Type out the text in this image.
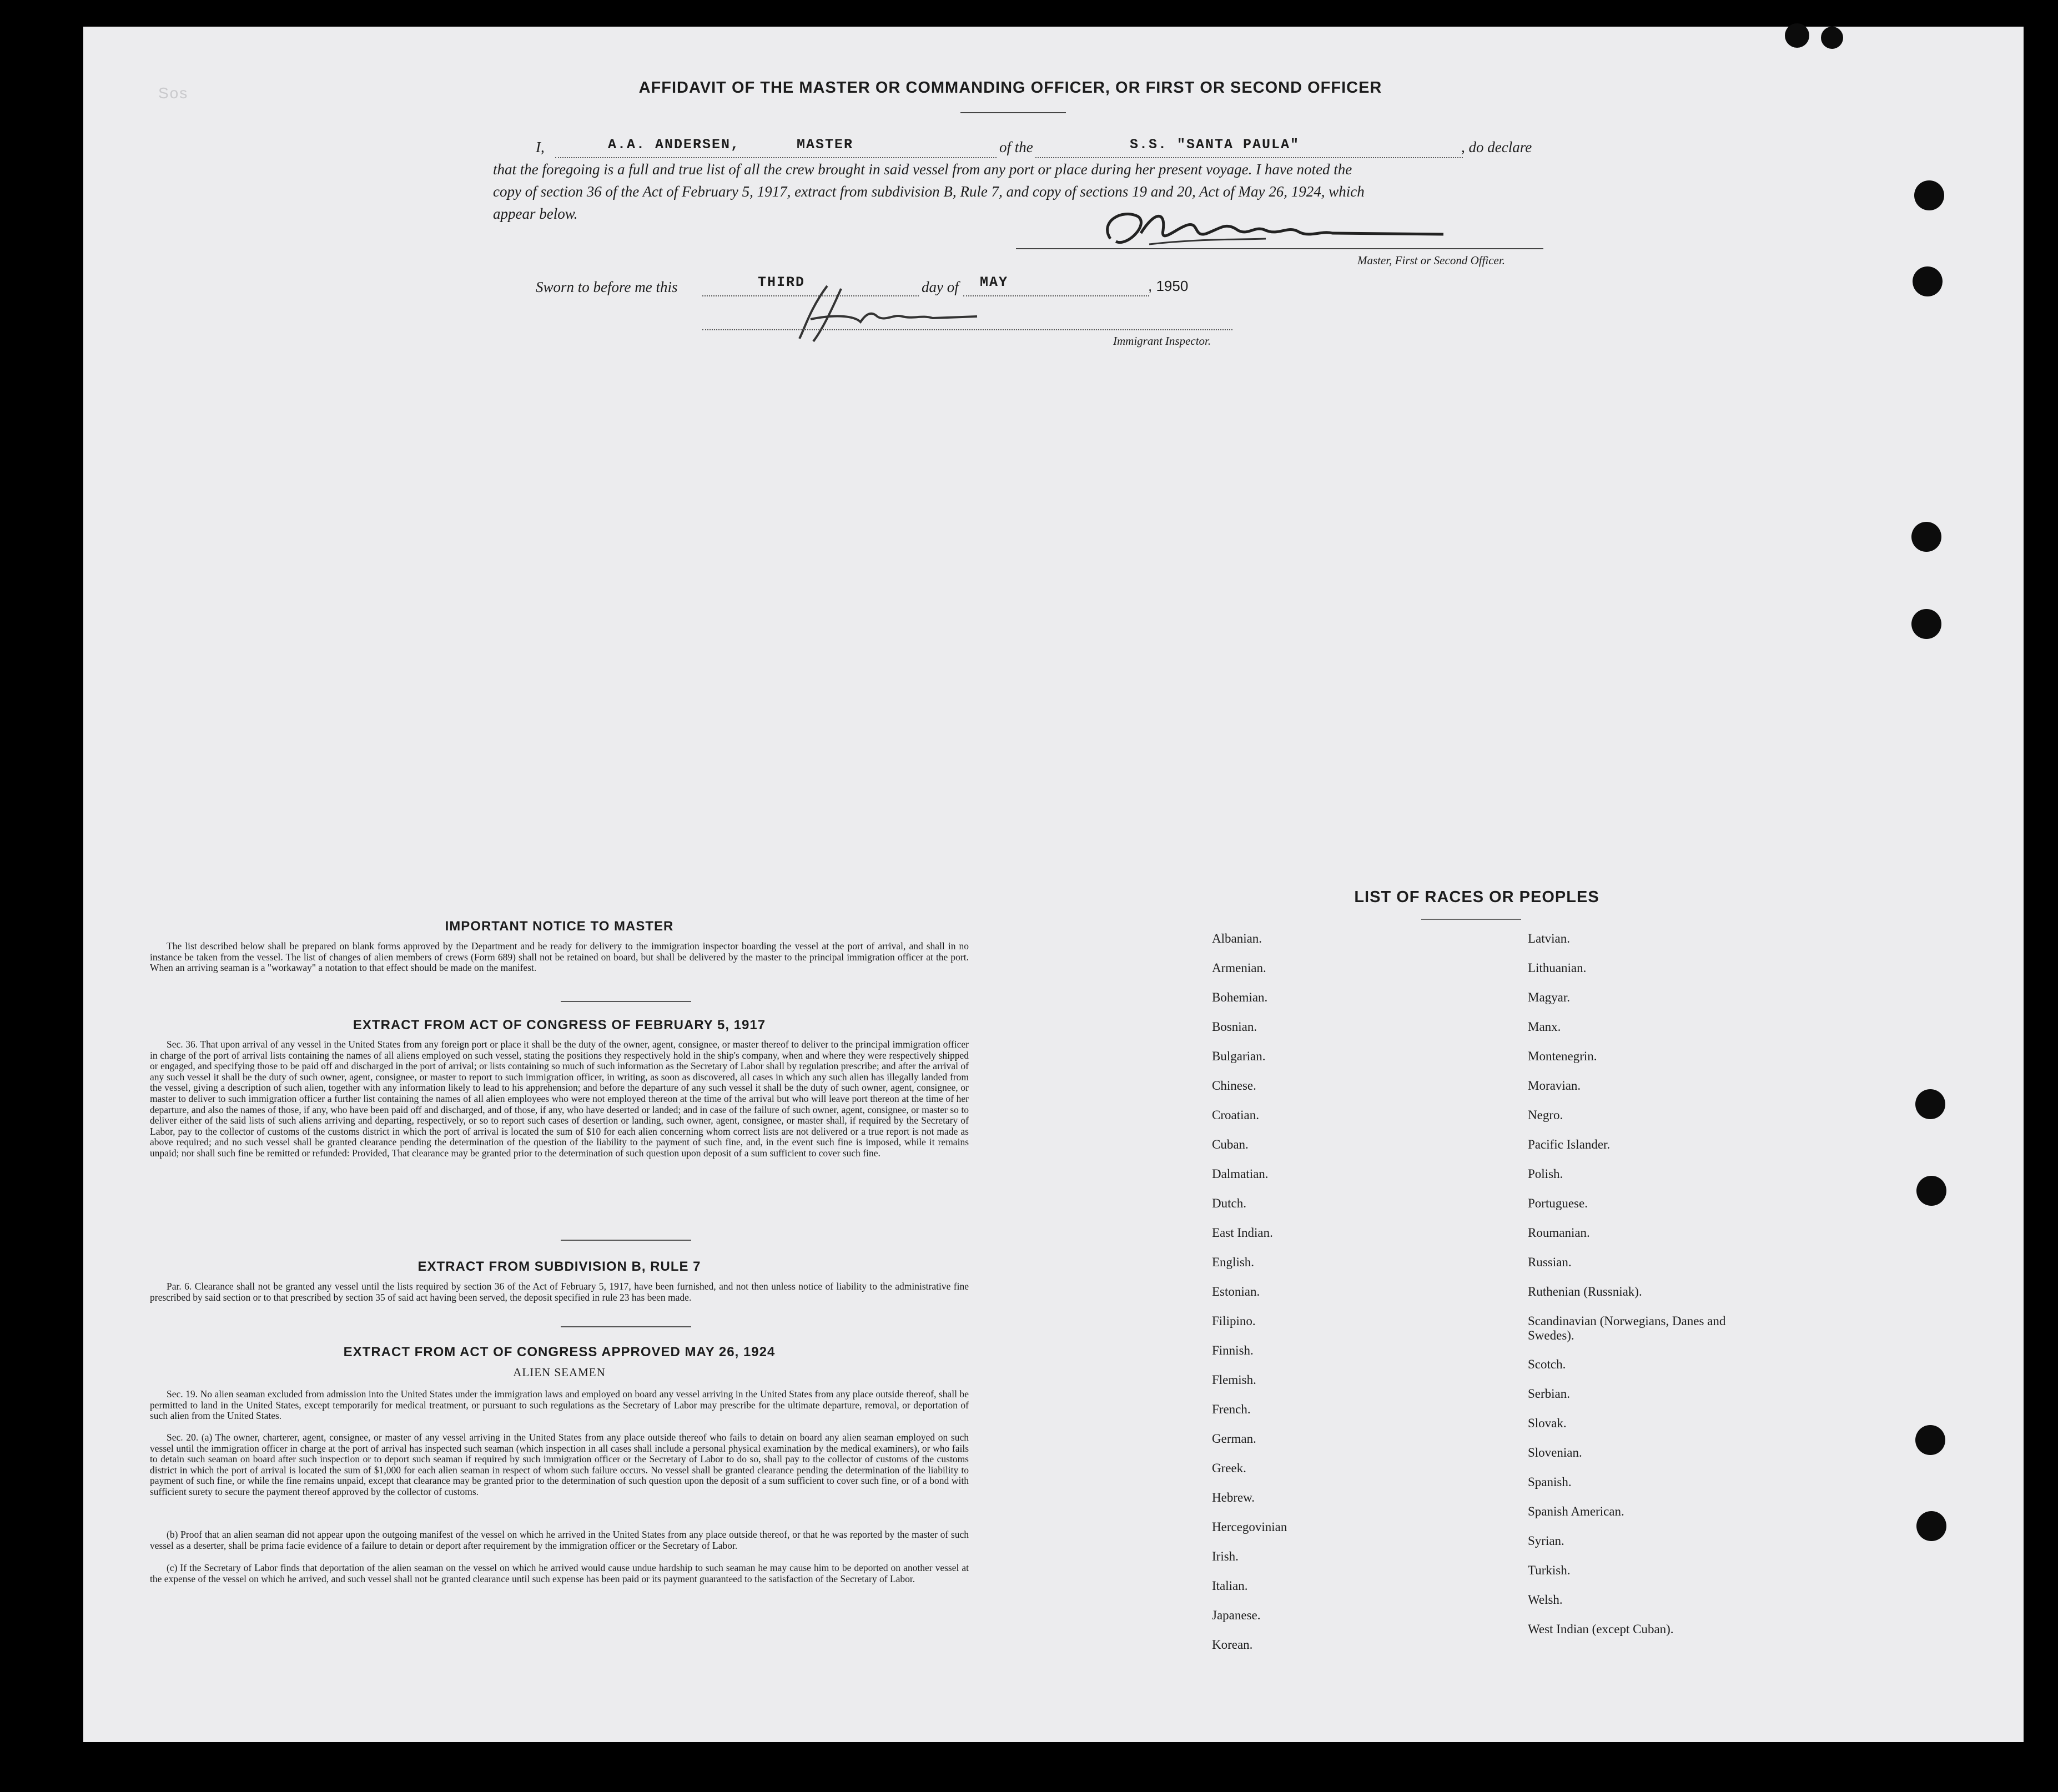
Sos	AFFIDAVIT OF THE MASTER OR COMMANDING OFFICER, OR FIRST OR SECOND OFFICER
I,	A.A. ANDERSEN,	MASTER	of the	S.S. "SANTA PAULA"	, do declare
that the foregoing is a full and true list of all the crew brought in said vessel from any port or place during her present voyage. I have noted the
copy of section 36 of the Act of February 5, 1917, extract from subdivision B, Rule 7, and copy of sections 19 and 20, Act of May 26, 1924, which
appear below.
Master, First or Second Officer.
Sworn to before me this	THIRD	day of MAY	, 1950
Immigrant Inspector.
IMPORTANT NOTICE TO MASTER
The list described below shall be prepared on blank forms approved by the Department and be ready for delivery to the immigration inspector boarding the vessel at the port of arrival, and shall in no instance be taken from the vessel. The list of changes of alien members of crews (Form 689) shall not be retained on board, but shall be delivered by the master to the principal immigration officer at the port. When an arriving seaman is a "workaway" a notation to that effect should be made on the manifest.
EXTRACT FROM ACT OF CONGRESS OF FEBRUARY 5, 1917
Sec. 36. That upon arrival of any vessel in the United States from any foreign port or place it shall be the duty of the owner, agent, consignee, or master thereof to deliver to the principal immigration officer in charge of the port of arrival lists containing the names of all aliens employed on such vessel, stating the positions they respectively hold in the ship's company, when and where they were respectively shipped or engaged, and specifying those to be paid off and discharged in the port of arrival; or lists containing so much of such information as the Secretary of Labor shall by regulation prescribe; and after the arrival of any such vessel it shall be the duty of such owner, agent, consignee, or master to report to such immigration officer, in writing, as soon as discovered, all cases in which any such alien has illegally landed from the vessel, giving a description of such alien, together with any information likely to lead to his apprehension; and before the departure of any such vessel it shall be the duty of such owner, agent, consignee, or master to deliver to such immigration officer a further list containing the names of all alien employees who were not employed thereon at the time of the arrival but who will leave port thereon at the time of her departure, and also the names of those, if any, who have been paid off and discharged, and of those, if any, who have deserted or landed; and in case of the failure of such owner, agent, consignee, or master so to deliver either of the said lists of such aliens arriving and departing, respectively, or so to report such cases of desertion or landing, such owner, agent, consignee, or master shall, if required by the Secretary of Labor, pay to the collector of customs of the customs district in which the port of arrival is located the sum of $10 for each alien concerning whom correct lists are not delivered or a true report is not made as above required; and no such vessel shall be granted clearance pending the determination of the question of the liability to the payment of such fine, and, in the event such fine is imposed, while it remains unpaid; nor shall such fine be remitted or refunded: Provided, That clearance may be granted prior to the determination of such question upon deposit of a sum sufficient to cover such fine.
EXTRACT FROM SUBDIVISION B, RULE 7
Par. 6. Clearance shall not be granted any vessel until the lists required by section 36 of the Act of February 5, 1917, have been furnished, and not then unless notice of liability to the administrative fine prescribed by said section or to that prescribed by section 35 of said act having been served, the deposit specified in rule 23 has been made.
EXTRACT FROM ACT OF CONGRESS APPROVED MAY 26, 1924
ALIEN SEAMEN
Sec. 19. No alien seaman excluded from admission into the United States under the immigration laws and employed on board any vessel arriving in the United States from any place outside thereof, shall be permitted to land in the United States, except temporarily for medical treatment, or pursuant to such regulations as the Secretary of Labor may prescribe for the ultimate departure, removal, or deportation of such alien from the United States.
Sec. 20. (a) The owner, charterer, agent, consignee, or master of any vessel arriving in the United States from any place outside thereof who fails to detain on board any alien seaman employed on such vessel until the immigration officer in charge at the port of arrival has inspected such seaman (which inspection in all cases shall include a personal physical examination by the medical examiners), or who fails to detain such seaman on board after such inspection or to deport such seaman if required by such immigration officer or the Secretary of Labor to do so, shall pay to the collector of customs of the customs district in which the port of arrival is located the sum of $1,000 for each alien seaman in respect of whom such failure occurs. No vessel shall be granted clearance pending the determination of the liability to payment of such fine, or while the fine remains unpaid, except that clearance may be granted prior to the determination of such question upon the deposit of a sum sufficient to cover such fine, or of a bond with sufficient surety to secure the payment thereof approved by the collector of customs.
(b) Proof that an alien seaman did not appear upon the outgoing manifest of the vessel on which he arrived in the United States from any place outside thereof, or that he was reported by the master of such vessel as a deserter, shall be prima facie evidence of a failure to detain or deport after requirement by the immigration officer or the Secretary of Labor.
(c) If the Secretary of Labor finds that deportation of the alien seaman on the vessel on which he arrived would cause undue hardship to such seaman he may cause him to be deported on another vessel at the expense of the vessel on which he arrived, and such vessel shall not be granted clearance until such expense has been paid or its payment guaranteed to the satisfaction of the Secretary of Labor.
LIST OF RACES OR PEOPLES
Albanian.
Armenian.
Bohemian.
Bosnian.
Bulgarian.
Chinese.
Croatian.
Cuban.
Dalmatian.
Dutch.
East Indian.
English.
Estonian.
Filipino.
Finnish.
Flemish.
French.
German.
Greek.
Hebrew.
Hercegovinian
Irish.
Italian.
Japanese.
Korean.
Latvian.
Lithuanian.
Magyar.
Manx.
Montenegrin.
Moravian.
Negro.
Pacific Islander.
Polish.
Portuguese.
Roumanian.
Russian.
Ruthenian (Russniak).
Scandinavian (Norwegians, Danes and Swedes).
Scotch.
Serbian.
Slovak.
Slovenian.
Spanish.
Spanish American.
Syrian.
Turkish.
Welsh.
West Indian (except Cuban).
